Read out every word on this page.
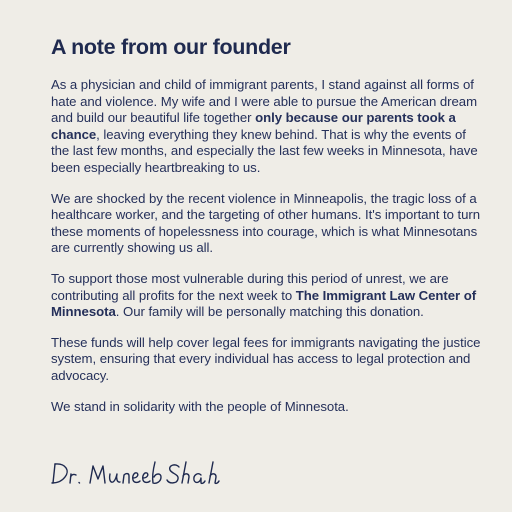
A note from our founder

As a physician and child of immigrant parents, I stand against all forms of hate and violence. My wife and I were able to pursue the American dream and build our beautiful life together only because our parents took a chance, leaving everything they knew behind. That is why the events of the last few months, and especially the last few weeks in Minnesota, have been especially heartbreaking to us.

We are shocked by the recent violence in Minneapolis, the tragic loss of a healthcare worker, and the targeting of other humans. It's important to turn these moments of hopelessness into courage, which is what Minnesotans are currently showing us all.

To support those most vulnerable during this period of unrest, we are contributing all profits for the next week to The Immigrant Law Center of Minnesota. Our family will be personally matching this donation.

These funds will help cover legal fees for immigrants navigating the justice system, ensuring that every individual has access to legal protection and advocacy.

We stand in solidarity with the people of Minnesota.
